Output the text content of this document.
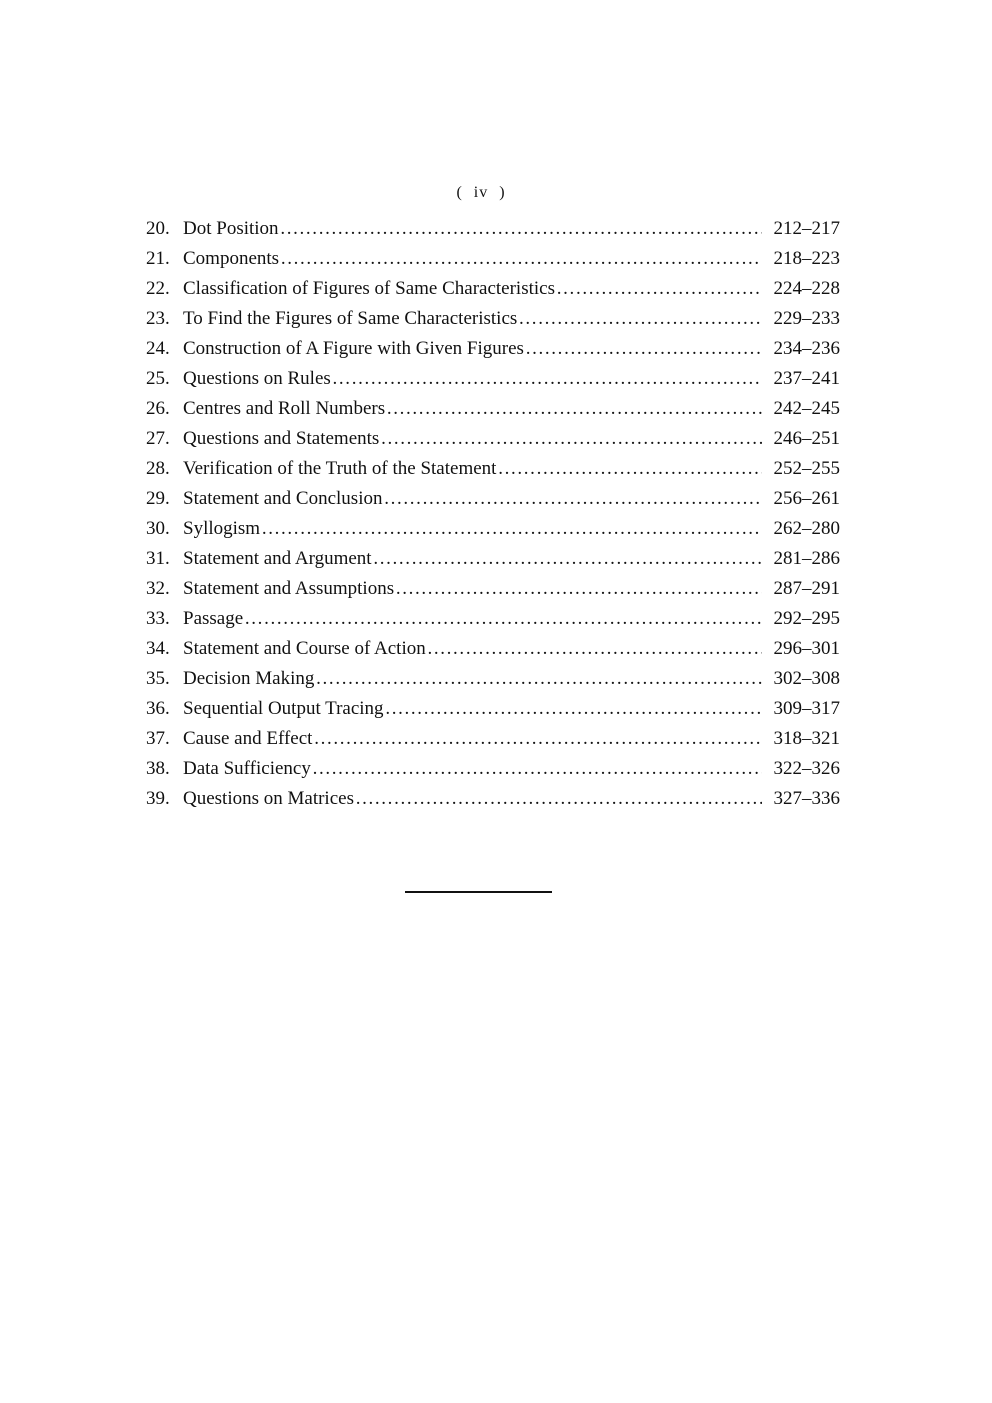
( iv )
20. Dot Position ……………………………………………………………………………………………………………………………………	212–217
21. Components ……………………………………………………………………………………………………………………………………	218–223
22. Classification of Figures of Same Characteristics ……………………………………………………………………………………………………………………………………	224–228
23. To Find the Figures of Same Characteristics ……………………………………………………………………………………………………………………………………	229–233
24. Construction of A Figure with Given Figures ……………………………………………………………………………………………………………………………………	234–236
25. Questions on Rules ……………………………………………………………………………………………………………………………………	237–241
26. Centres and Roll Numbers ……………………………………………………………………………………………………………………………………	242–245
27. Questions and Statements ……………………………………………………………………………………………………………………………………	246–251
28. Verification of the Truth of the Statement ……………………………………………………………………………………………………………………………………	252–255
29. Statement and Conclusion ……………………………………………………………………………………………………………………………………	256–261
30. Syllogism ……………………………………………………………………………………………………………………………………	262–280
31. Statement and Argument ……………………………………………………………………………………………………………………………………	281–286
32. Statement and Assumptions ……………………………………………………………………………………………………………………………………	287–291
33. Passage ……………………………………………………………………………………………………………………………………	292–295
34. Statement and Course of Action ……………………………………………………………………………………………………………………………………	296–301
35. Decision Making ……………………………………………………………………………………………………………………………………	302–308
36. Sequential Output Tracing ……………………………………………………………………………………………………………………………………	309–317
37. Cause and Effect ……………………………………………………………………………………………………………………………………	318–321
38. Data Sufficiency ……………………………………………………………………………………………………………………………………	322–326
39. Questions on Matrices ……………………………………………………………………………………………………………………………………	327–336
